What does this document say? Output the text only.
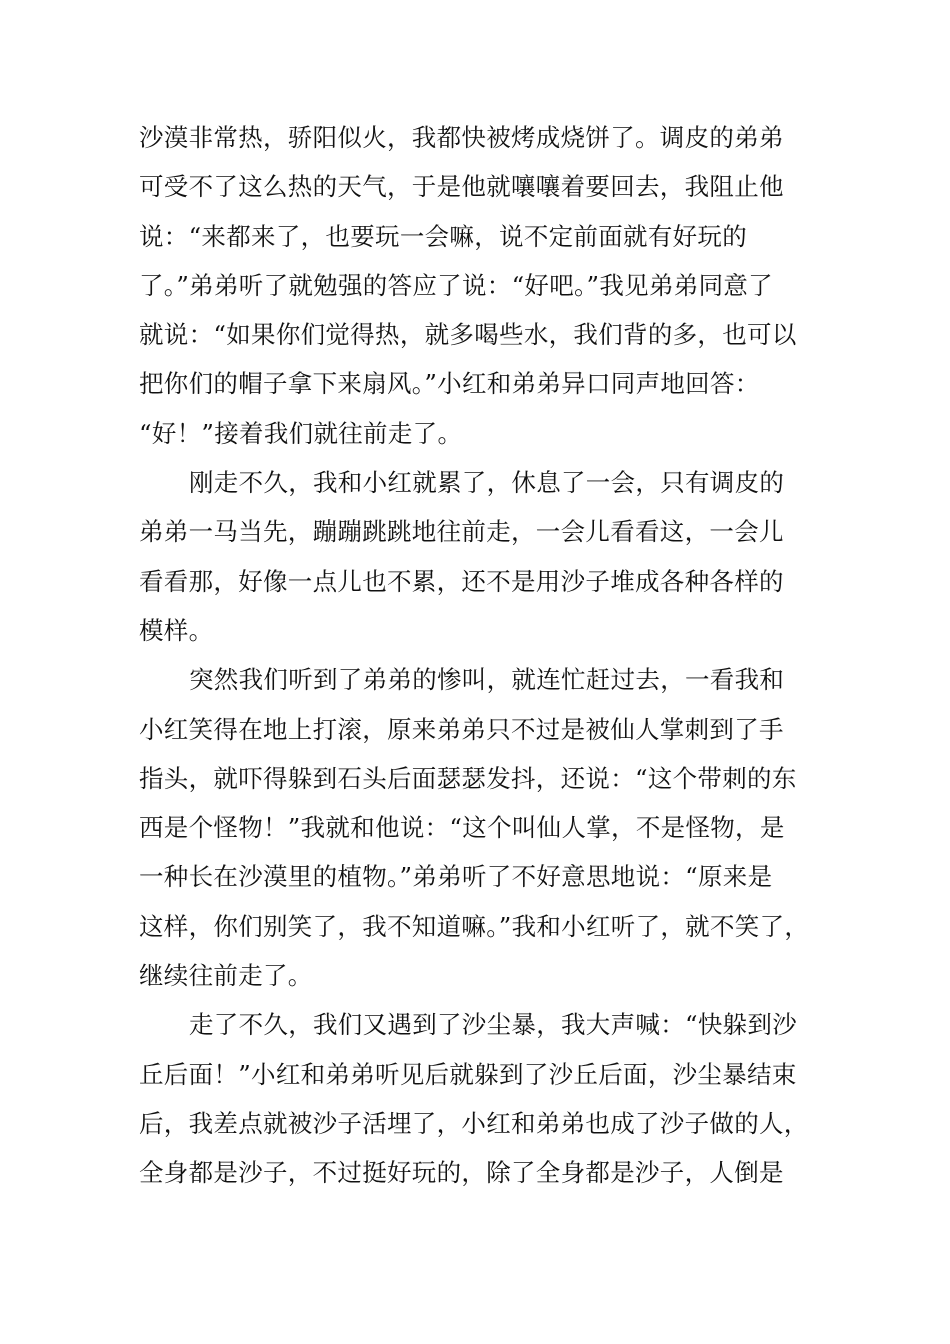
沙漠非常热，骄阳似火，我都快被烤成烧饼了。调皮的弟弟
可受不了这么热的天气，于是他就嚷嚷着要回去，我阻止他
说：“来都来了，也要玩一会嘛，说不定前面就有好玩的
了。”弟弟听了就勉强的答应了说：“好吧。”我见弟弟同意了
就说：“如果你们觉得热，就多喝些水，我们背的多，也可以
把你们的帽子拿下来扇风。”小红和弟弟异口同声地回答：
“好！”接着我们就往前走了。
刚走不久，我和小红就累了，休息了一会，只有调皮的
弟弟一马当先，蹦蹦跳跳地往前走，一会儿看看这，一会儿
看看那，好像一点儿也不累，还不是用沙子堆成各种各样的
模样。
突然我们听到了弟弟的惨叫，就连忙赶过去，一看我和
小红笑得在地上打滚，原来弟弟只不过是被仙人掌刺到了手
指头，就吓得躲到石头后面瑟瑟发抖，还说：“这个带刺的东
西是个怪物！”我就和他说：“这个叫仙人掌，不是怪物，是
一种长在沙漠里的植物。”弟弟听了不好意思地说：“原来是
这样，你们别笑了，我不知道嘛。”我和小红听了，就不笑了，
继续往前走了。
走了不久，我们又遇到了沙尘暴，我大声喊：“快躲到沙
丘后面！”小红和弟弟听见后就躲到了沙丘后面，沙尘暴结束
后，我差点就被沙子活埋了，小红和弟弟也成了沙子做的人，
全身都是沙子，不过挺好玩的，除了全身都是沙子，人倒是
